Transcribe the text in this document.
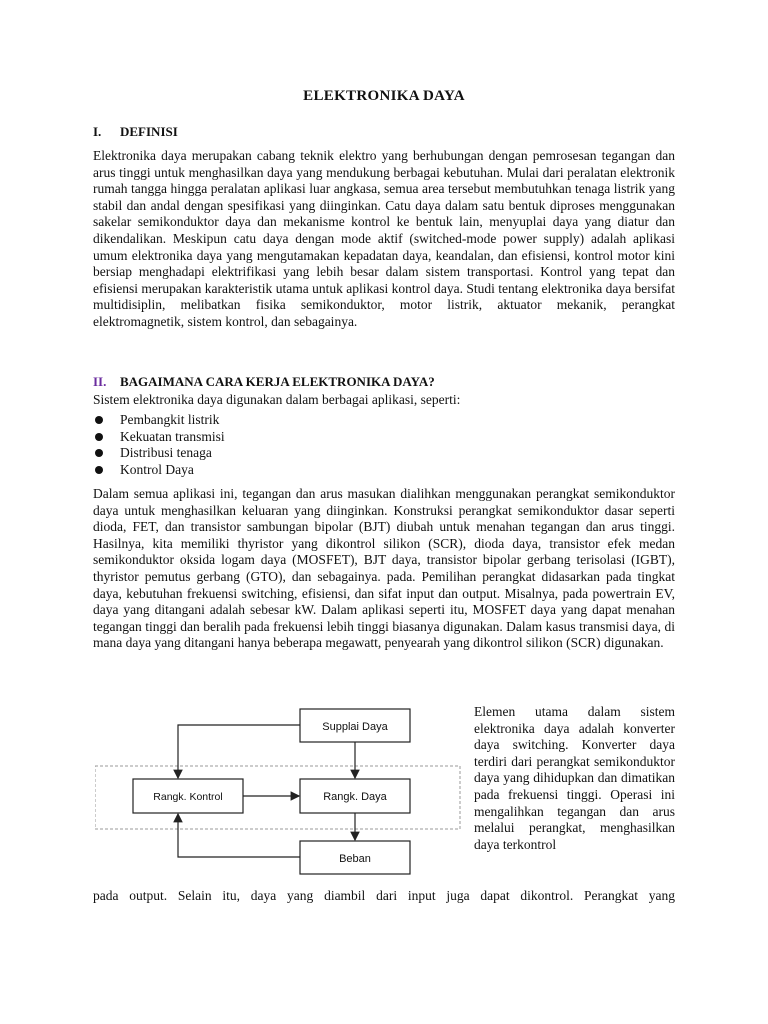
ELEKTRONIKA DAYA
I. DEFINISI
Elektronika daya merupakan cabang teknik elektro yang berhubungan dengan pemrosesan tegangan dan arus tinggi untuk menghasilkan daya yang mendukung berbagai kebutuhan. Mulai dari peralatan elektronik rumah tangga hingga peralatan aplikasi luar angkasa, semua area tersebut membutuhkan tenaga listrik yang stabil dan andal dengan spesifikasi yang diinginkan. Catu daya dalam satu bentuk diproses menggunakan sakelar semikonduktor daya dan mekanisme kontrol ke bentuk lain, menyuplai daya yang diatur dan dikendalikan. Meskipun catu daya dengan mode aktif (switched-mode power supply) adalah aplikasi umum elektronika daya yang mengutamakan kepadatan daya, keandalan, dan efisiensi, kontrol motor kini bersiap menghadapi elektrifikasi yang lebih besar dalam sistem transportasi. Kontrol yang tepat dan efisiensi merupakan karakteristik utama untuk aplikasi kontrol daya. Studi tentang elektronika daya bersifat multidisiplin, melibatkan fisika semikonduktor, motor listrik, aktuator mekanik, perangkat elektromagnetik, sistem kontrol, dan sebagainya.
II. BAGAIMANA CARA KERJA ELEKTRONIKA DAYA?
Sistem elektronika daya digunakan dalam berbagai aplikasi, seperti:
Pembangkit listrik
Kekuatan transmisi
Distribusi tenaga
Kontrol Daya
Dalam semua aplikasi ini, tegangan dan arus masukan dialihkan menggunakan perangkat semikonduktor daya untuk menghasilkan keluaran yang diinginkan. Konstruksi perangkat semikonduktor dasar seperti dioda, FET, dan transistor sambungan bipolar (BJT) diubah untuk menahan tegangan dan arus tinggi. Hasilnya, kita memiliki thyristor yang dikontrol silikon (SCR), dioda daya, transistor efek medan semikonduktor oksida logam daya (MOSFET), BJT daya, transistor bipolar gerbang terisolasi (IGBT), thyristor pemutus gerbang (GTO), dan sebagainya. pada. Pemilihan perangkat didasarkan pada tingkat daya, kebutuhan frekuensi switching, efisiensi, dan sifat input dan output. Misalnya, pada powertrain EV, daya yang ditangani adalah sebesar kW. Dalam aplikasi seperti itu, MOSFET daya yang dapat menahan tegangan tinggi dan beralih pada frekuensi lebih tinggi biasanya digunakan. Dalam kasus transmisi daya, di mana daya yang ditangani hanya beberapa megawatt, penyearah yang dikontrol silikon (SCR) digunakan.
Supplai Daya
Rangk. Kontrol	Rangk. Daya
Beban
Elemen utama dalam sistem elektronika daya adalah konverter daya switching. Konverter daya terdiri dari perangkat semikonduktor daya yang dihidupkan dan dimatikan pada frekuensi tinggi. Operasi ini mengalihkan tegangan dan arus melalui perangkat, menghasilkan daya terkontrol
pada output. Selain itu, daya yang diambil dari input juga dapat dikontrol. Perangkat yang
